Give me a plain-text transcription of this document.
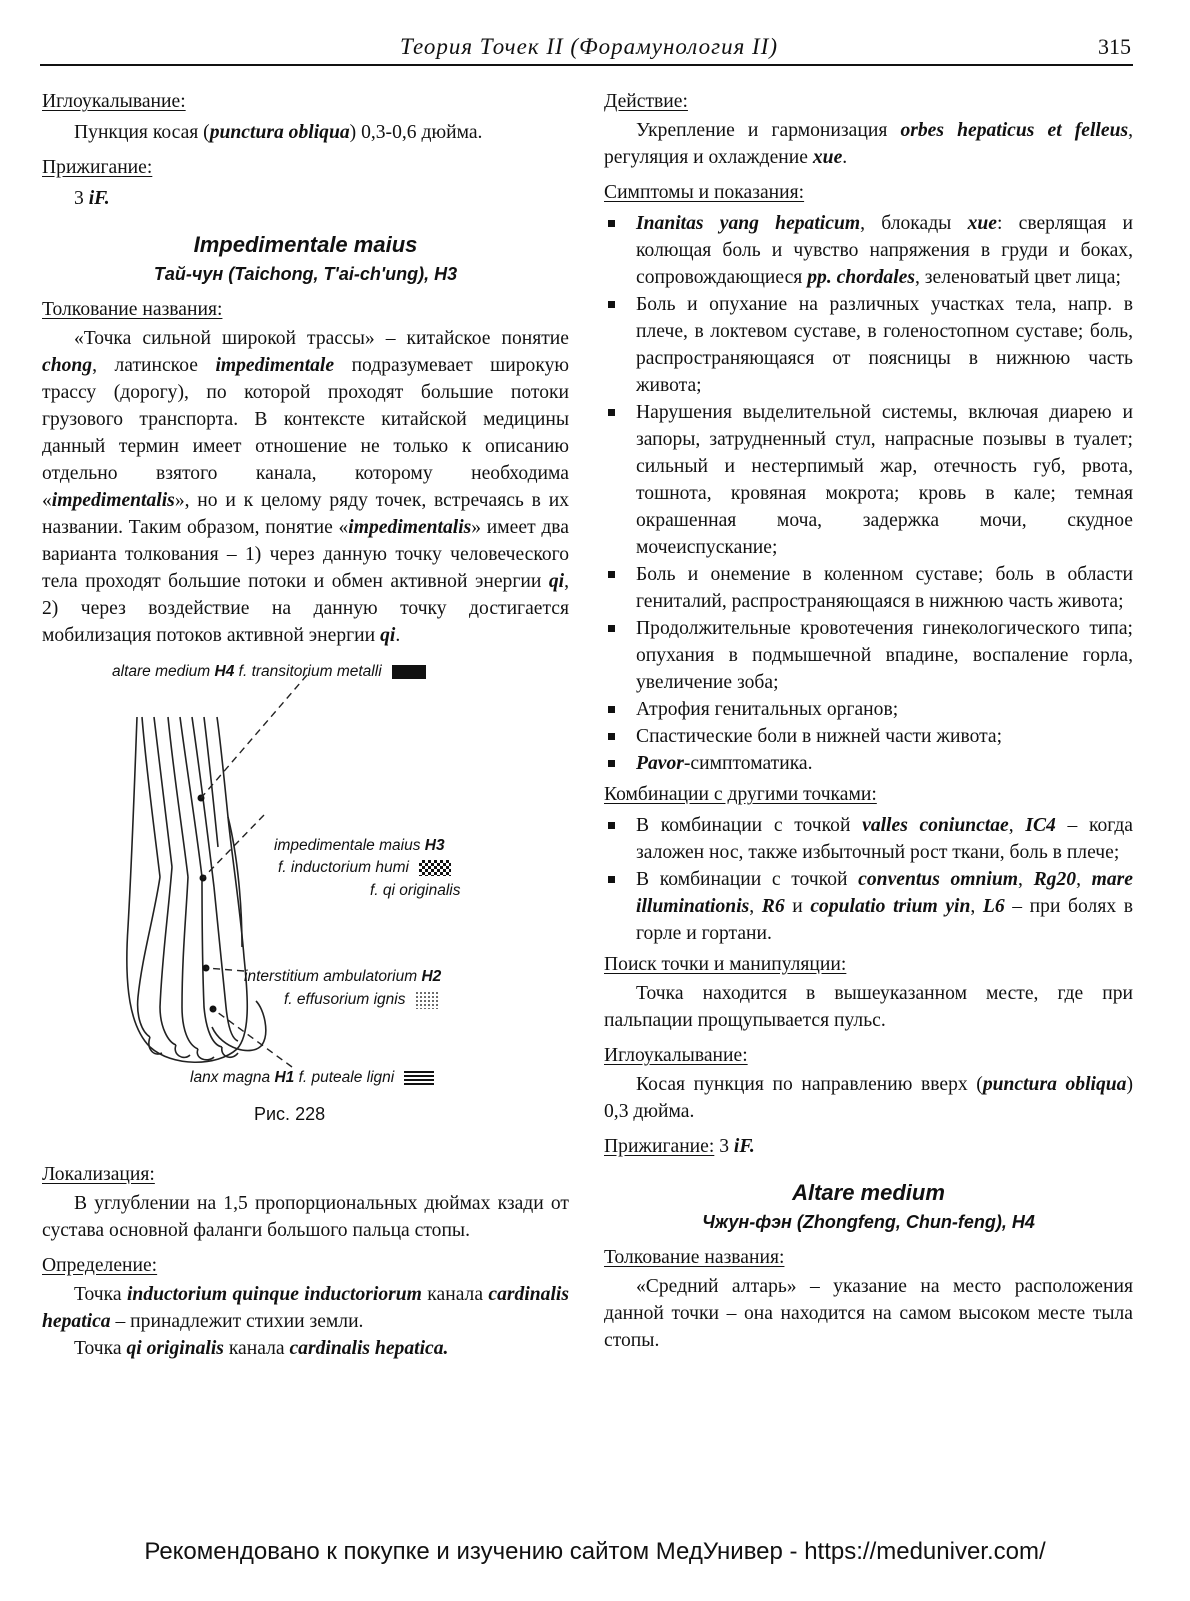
Теория Точек II (Форамунология II)	315

Иглоукалывание:

Пункция косая (punctura obliqua) 0,3-0,6 дюйма.

Прижигание:

3 iF.

Impedimentale maius

Тай-чун (Taichong, T'ai-ch'ung), H3

Толкование названия:

«Точка сильной широкой трассы» – китайское понятие chong, латинское impedimentale подразумевает широкую трассу (дорогу), по которой проходят большие потоки грузового транспорта. В контексте китайской медицины данный термин имеет отношение не только к описанию отдельно взятого канала, которому необходима «impedimentalis», но и к целому ряду точек, встречаясь в их названии. Таким образом, понятие «impedimentalis» имеет два варианта толкования – 1) через данную точку человеческого тела проходят большие потоки и обмен активной энергии qi, 2) через воздействие на данную точку достигается мобилизация потоков активной энергии qi.

altare medium H4 f. transitorium metalli
impedimentale maius H3
f. inductorium humi
f. qi originalis
interstitium ambulatorium H2
f. effusorium ignis
lanx magna H1 f. puteale ligni
Рис. 228

Локализация:

В углублении на 1,5 пропорциональных дюймах кзади от сустава основной фаланги большого пальца стопы.

Определение:

Точка inductorium quinque inductoriorum канала cardinalis hepatica – принадлежит стихии земли.

Точка qi originalis канала cardinalis hepatica.

Действие:

Укрепление и гармонизация orbes hepaticus et felleus, регуляция и охлаждение xue.

Симптомы и показания:

Inanitas yang hepaticum, блокады xue: сверлящая и колющая боль и чувство напряжения в груди и боках, сопровождающиеся pp. chordales, зеленоватый цвет лица;
Боль и опухание на различных участках тела, напр. в плече, в локтевом суставе, в голеностопном суставе; боль, распространяющаяся от поясницы в нижнюю часть живота;
Нарушения выделительной системы, включая диарею и запоры, затрудненный стул, напрасные позывы в туалет; сильный и нестерпимый жар, отечность губ, рвота, тошнота, кровяная мокрота; кровь в кале; темная окрашенная моча, задержка мочи, скудное мочеиспускание;
Боль и онемение в коленном суставе; боль в области гениталий, распространяющаяся в нижнюю часть живота;
Продолжительные кровотечения гинекологического типа; опухания в подмышечной впадине, воспаление горла, увеличение зоба;
Атрофия генитальных органов;
Спастические боли в нижней части живота;
Pavor-симптоматика.

Комбинации с другими точками:

В комбинации с точкой valles coniunctae, IC4 – когда заложен нос, также избыточный рост ткани, боль в плече;
В комбинации с точкой conventus omnium, Rg20, mare illuminationis, R6 и copulatio trium yin, L6 – при болях в горле и гортани.

Поиск точки и манипуляции:

Точка находится в вышеуказанном месте, где при пальпации прощупывается пульс.

Иглоукалывание:

Косая пункция по направлению вверх (punctura obliqua) 0,3 дюйма.

Прижигание: 3 iF.

Altare medium

Чжун-фэн (Zhongfeng, Chun-feng), H4

Толкование названия:

«Средний алтарь» – указание на место расположения данной точки – она находится на самом высоком месте тыла стопы.

Рекомендовано к покупке и изучению сайтом МедУнивер - https://meduniver.com/
